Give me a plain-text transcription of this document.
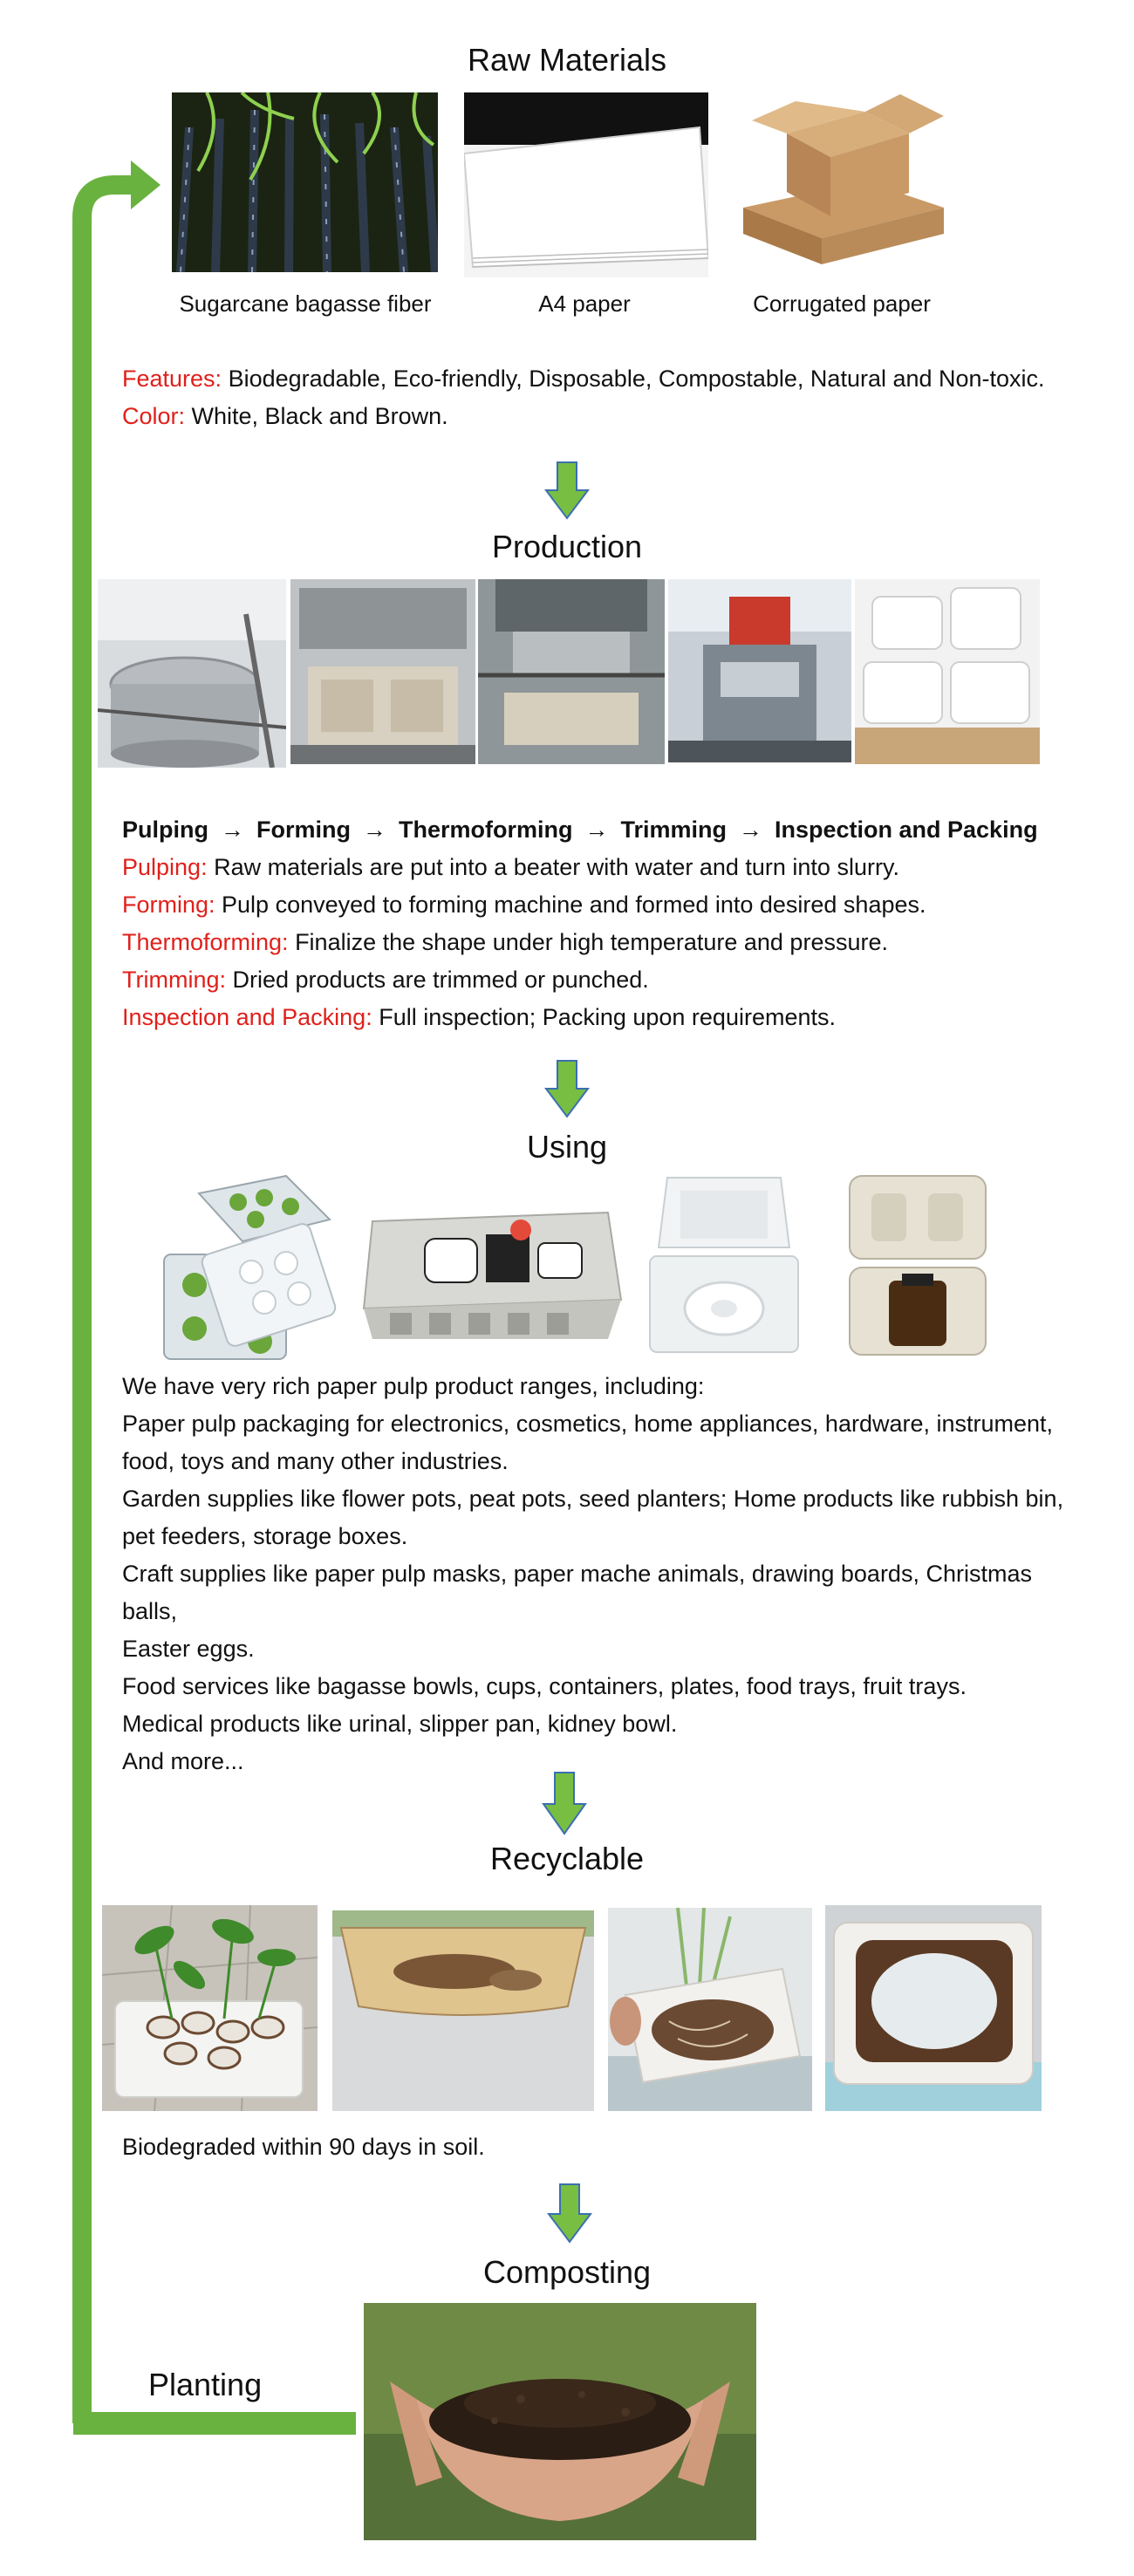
Raw Materials
Sugarcane bagasse fiber	A4 paper	Corrugated paper
Features: Biodegradable, Eco-friendly, Disposable, Compostable, Natural and Non-toxic.
Color: White, Black and Brown.
Production
Pulping → Forming → Thermoforming → Trimming → Inspection and Packing
Pulping: Raw materials are put into a beater with water and turn into slurry.
Forming: Pulp conveyed to forming machine and formed into desired shapes.
Thermoforming: Finalize the shape under high temperature and pressure.
Trimming: Dried products are trimmed or punched.
Inspection and Packing: Full inspection; Packing upon requirements.
Using
We have very rich paper pulp product ranges, including:
Paper pulp packaging for electronics, cosmetics, home appliances, hardware, instrument,
food, toys and many other industries.
Garden supplies like flower pots, peat pots, seed planters; Home products like rubbish bin,
pet feeders, storage boxes.
Craft supplies like paper pulp masks, paper mache animals, drawing boards, Christmas balls,
Easter eggs.
Food services like bagasse bowls, cups, containers, plates, food trays, fruit trays.
Medical products like urinal, slipper pan, kidney bowl.
And more...
Recyclable
Biodegraded within 90 days in soil.
Composting
Planting
